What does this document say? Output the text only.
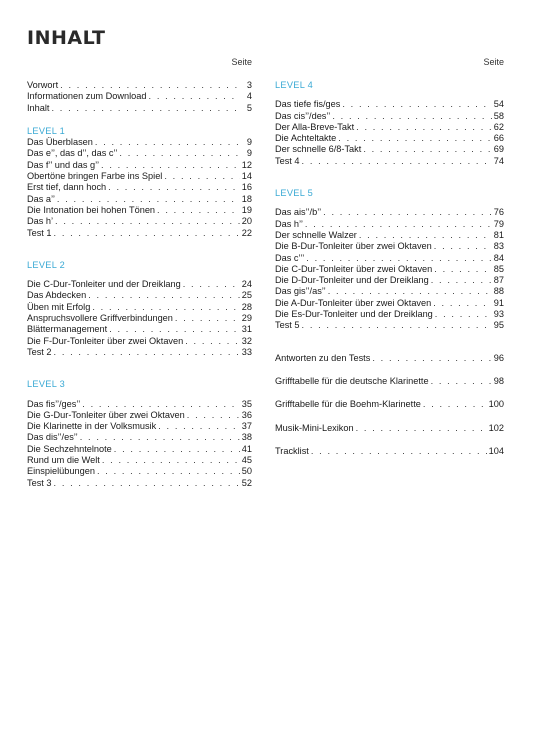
INHALT
Seite
Vorwort . . .	3
Informationen zum Download . . .	4
Inhalt . . .	5
LEVEL 1
Das Überblasen . . .	9
Das e’’, das d’’, das c’’ . . .	9
Das f’’ und das g’’ . . .	12
Obertöne bringen Farbe ins Spiel . . .	14
Erst tief, dann hoch . . .	16
Das a’’ . . .	18
Die Intonation bei hohen Tönen . . .	19
Das h’ . . .	20
Test 1 . . .	22
LEVEL 2
Die C-Dur-Tonleiter und der Dreiklang . . .	24
Das Abdecken . . .	25
Üben mit Erfolg . . .	28
Anspruchsvollere Griffverbindungen . . .	29
Blättermanagement . . .	31
Die F-Dur-Tonleiter über zwei Oktaven . . .	32
Test 2 . . .	33
LEVEL 3
Das fis’’/ges’’ . . .	35
Die G-Dur-Tonleiter über zwei Oktaven . . .	36
Die Klarinette in der Volksmusik . . .	37
Das dis’’/es’’ . . .	38
Die Sechzehntelnote . . .	41
Rund um die Welt . . .	45
Einspielübungen . . .	50
Test 3 . . .	52
Seite
LEVEL 4
Das tiefe fis/ges . . .	54
Das cis’’/des’’ . . .	58
Der Alla-Breve-Takt . . .	62
Die Achteltakte . . .	66
Der schnelle 6/8-Takt . . .	69
Test 4 . . .	74
LEVEL 5
Das ais’’/b’’ . . .	76
Das h’’ . . .	79
Der schnelle Walzer . . .	81
Die B-Dur-Tonleiter über zwei Oktaven . . .	83
Das c’’’ . . .	84
Die C-Dur-Tonleiter über zwei Oktaven . . .	85
Die D-Dur-Tonleiter und der Dreiklang . . .	87
Das gis’’/as’’ . . .	88
Die A-Dur-Tonleiter über zwei Oktaven . . .	91
Die Es-Dur-Tonleiter und der Dreiklang . . .	93
Test 5 . . .	95
Antworten zu den Tests . . .	96
Grifftabelle für die deutsche Klarinette . . .	98
Grifftabelle für die Boehm-Klarinette . . .	100
Musik-Mini-Lexikon . . .	102
Tracklist . . .	104
